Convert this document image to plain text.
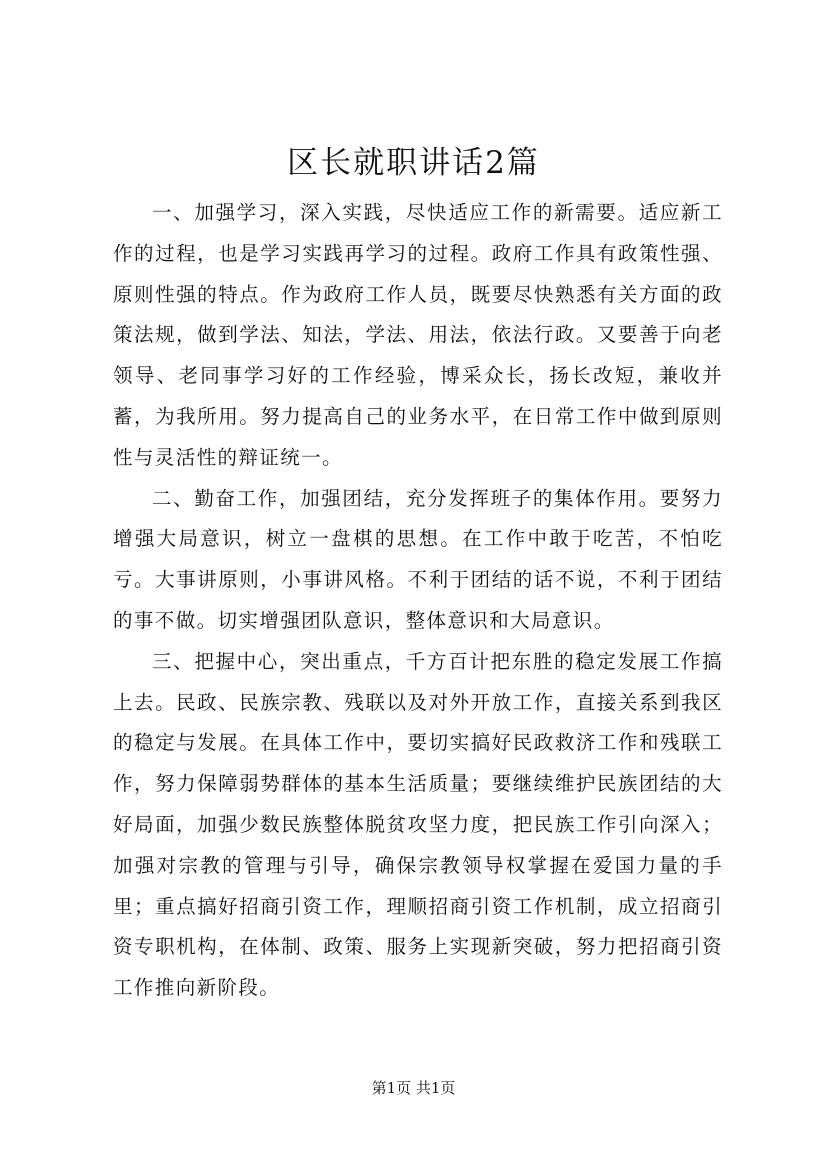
区长就职讲话2篇

一、加强学习，深入实践，尽快适应工作的新需要。适应新工作的过程，也是学习实践再学习的过程。政府工作具有政策性强、原则性强的特点。作为政府工作人员，既要尽快熟悉有关方面的政策法规，做到学法、知法，学法、用法，依法行政。又要善于向老领导、老同事学习好的工作经验，博采众长，扬长改短，兼收并蓄，为我所用。努力提高自己的业务水平，在日常工作中做到原则性与灵活性的辩证统一。

二、勤奋工作，加强团结，充分发挥班子的集体作用。要努力增强大局意识，树立一盘棋的思想。在工作中敢于吃苦，不怕吃亏。大事讲原则，小事讲风格。不利于团结的话不说，不利于团结的事不做。切实增强团队意识，整体意识和大局意识。

三、把握中心，突出重点，千方百计把东胜的稳定发展工作搞上去。民政、民族宗教、残联以及对外开放工作，直接关系到我区的稳定与发展。在具体工作中，要切实搞好民政救济工作和残联工作，努力保障弱势群体的基本生活质量；要继续维护民族团结的大好局面，加强少数民族整体脱贫攻坚力度，把民族工作引向深入；加强对宗教的管理与引导，确保宗教领导权掌握在爱国力量的手里；重点搞好招商引资工作，理顺招商引资工作机制，成立招商引资专职机构，在体制、政策、服务上实现新突破，努力把招商引资工作推向新阶段。

第1页 共1页
